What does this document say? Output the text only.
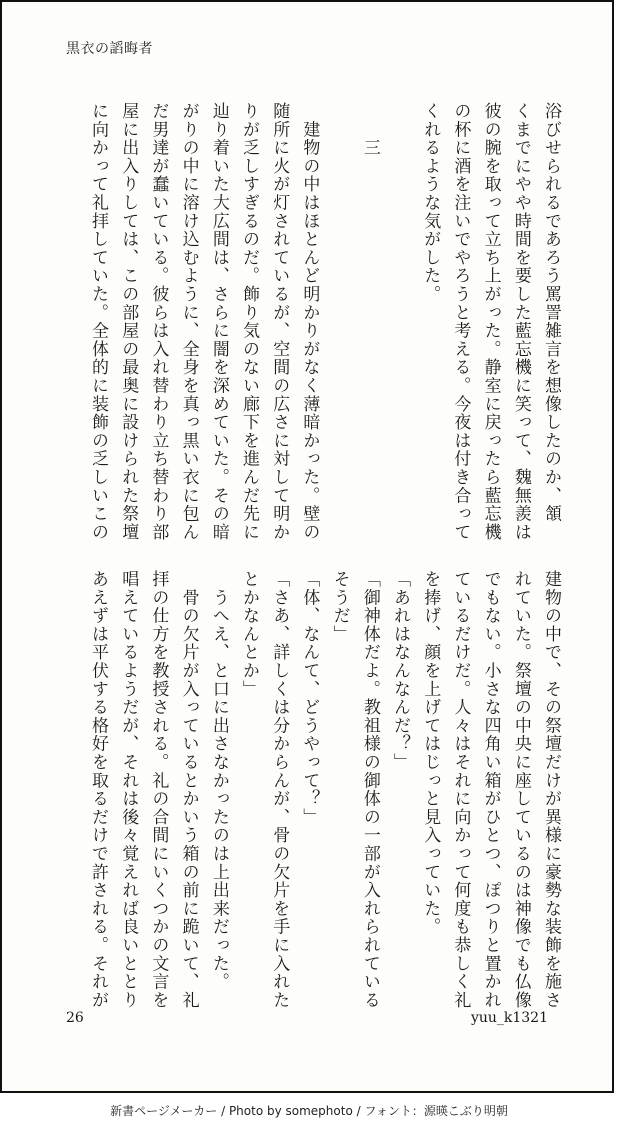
黒衣の謟晦者
浴びせられるであろう罵詈雑言を想像したのか、頷
くまでにやや時間を要した藍忘機に笑って、魏無羨は
彼の腕を取って立ち上がった。静室に戻ったら藍忘機
の杯に酒を注いでやろうと考える。今夜は付き合って
くれるような気がした。
　　三
　建物の中はほとんど明かりがなく薄暗かった。壁の
随所に火が灯されているが、空間の広さに対して明か
りが乏しすぎるのだ。飾り気のない廊下を進んだ先に
辿り着いた大広間は、さらに闇を深めていた。その暗
がりの中に溶け込むように、全身を真っ黒い衣に包ん
だ男達が蠢いている。彼らは入れ替わり立ち替わり部
屋に出入りしては、この部屋の最奥に設けられた祭壇
に向かって礼拝していた。全体的に装飾の乏しいこの
建物の中で、その祭壇だけが異様に豪勢な装飾を施さ
れていた。祭壇の中央に座しているのは神像でも仏像
でもない。小さな四角い箱がひとつ、ぽつりと置かれ
ているだけだ。人々はそれに向かって何度も恭しく礼
を捧げ、顔を上げてはじっと見入っていた。
「あれはなんなんだ？」
「御神体だよ。教祖様の御体の一部が入れられている
そうだ」
「体、なんて、どうやって？」
「さあ、詳しくは分からんが、骨の欠片を手に入れた
とかなんとか」
　うへえ、と口に出さなかったのは上出来だった。
　骨の欠片が入っているとかいう箱の前に跪いて、礼
拝の仕方を教授される。礼の合間にいくつかの文言を
唱えているようだが、それは後々覚えれば良いととり
あえずは平伏する格好を取るだけで許される。それが
26	yuu_k1321
新書ページメーカー / Photo by somephoto / フォント：源暎こぶり明朝
